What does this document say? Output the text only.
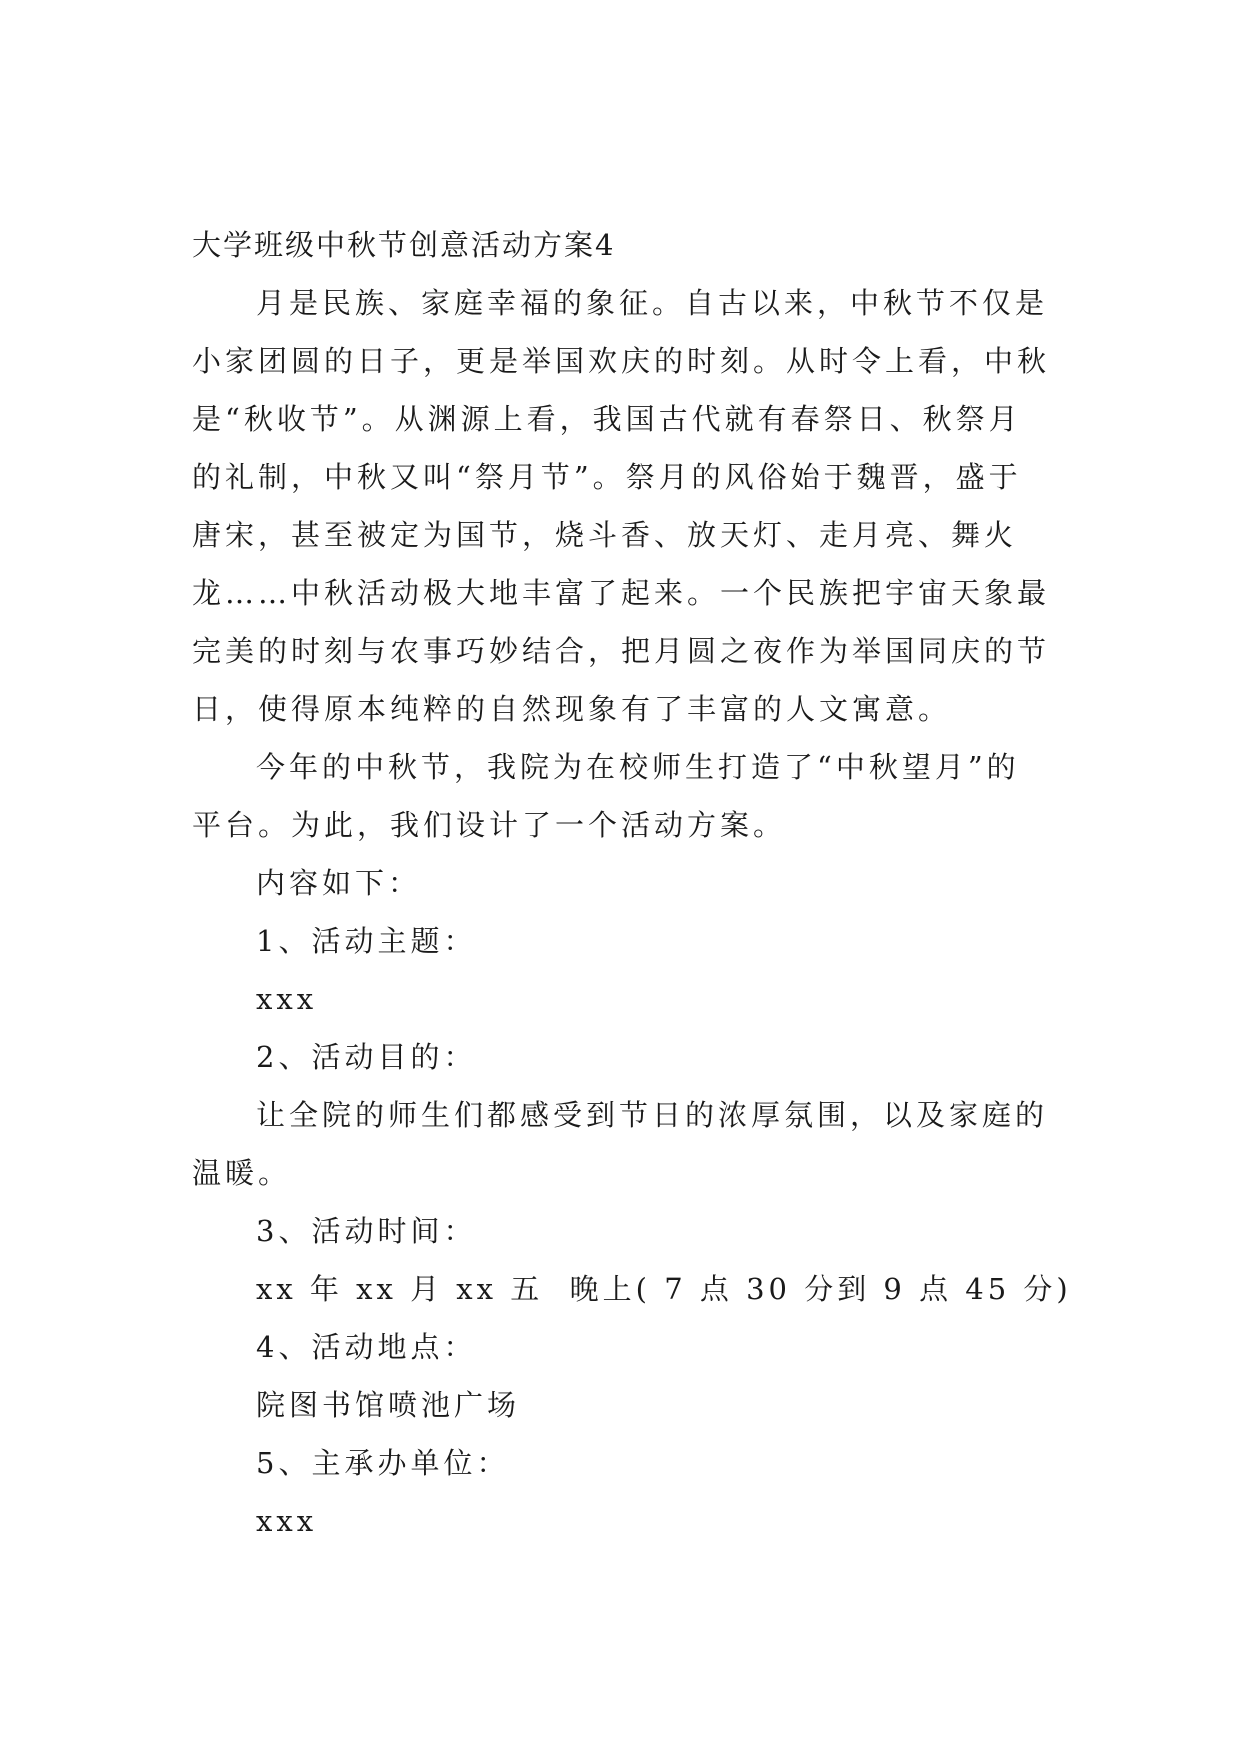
大学班级中秋节创意活动方案4

月是民族、家庭幸福的象征。自古以来，中秋节不仅是

小家团圆的日子，更是举国欢庆的时刻。从时令上看，中秋

是“秋收节”。从渊源上看，我国古代就有春祭日、秋祭月

的礼制，中秋又叫“祭月节”。祭月的风俗始于魏晋，盛于

唐宋，甚至被定为国节，烧斗香、放天灯、走月亮、舞火

龙……中秋活动极大地丰富了起来。一个民族把宇宙天象最

完美的时刻与农事巧妙结合，把月圆之夜作为举国同庆的节

日，使得原本纯粹的自然现象有了丰富的人文寓意。

今年的中秋节，我院为在校师生打造了“中秋望月”的

平台。为此，我们设计了一个活动方案。

内容如下：

1、活动主题：

xxx

2、活动目的：

让全院的师生们都感受到节日的浓厚氛围，以及家庭的

温暖。

3、活动时间：

xx 年 xx 月 xx 五  晚上( 7 点 30 分到 9 点 45 分)

4、活动地点：

院图书馆喷池广场

5、主承办单位：

xxx
